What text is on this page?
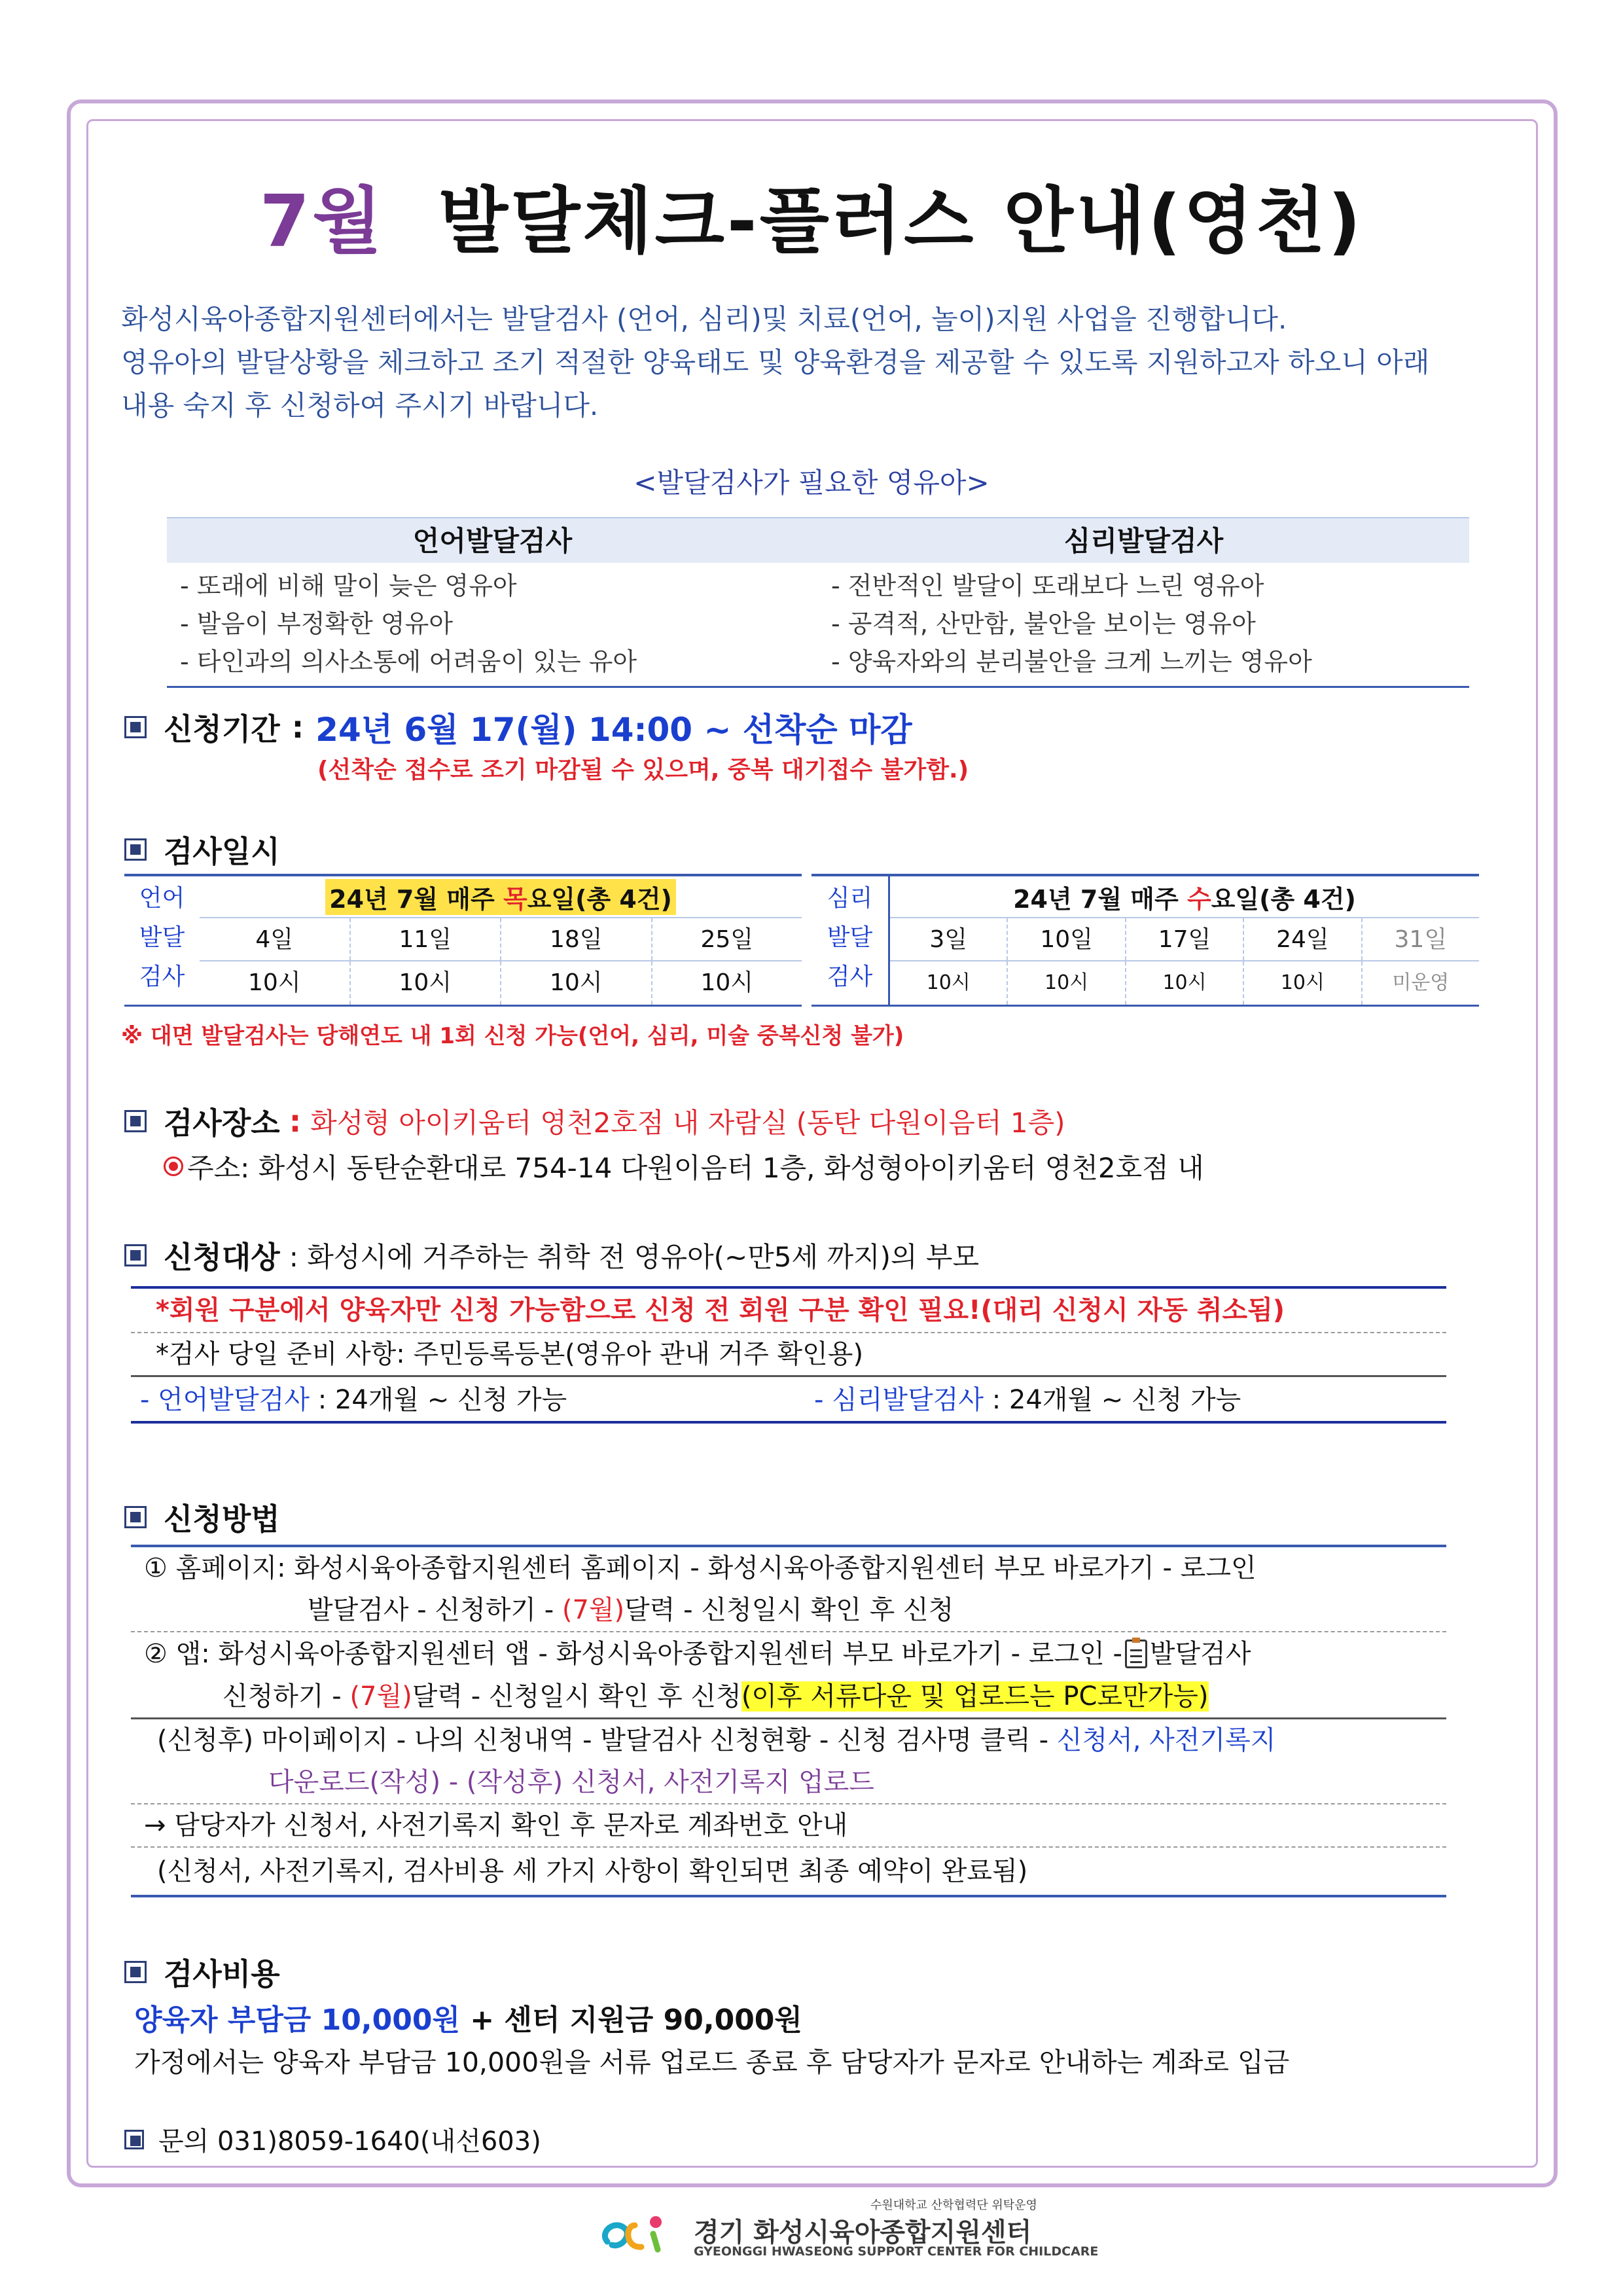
7월 발달체크-플러스 안내(영천)
화성시육아종합지원센터에서는 발달검사 (언어, 심리)및 치료(언어, 놀이)지원 사업을 진행합니다.
영유아의 발달상황을 체크하고 조기 적절한 양육태도 및 양육환경을 제공할 수 있도록 지원하고자 하오니 아래
내용 숙지 후 신청하여 주시기 바랍니다.
<발달검사가 필요한 영유아>
언어발달검사	심리발달검사
- 또래에 비해 말이 늦은 영유아
- 발음이 부정확한 영유아
- 타인과의 의사소통에 어려움이 있는 유아
- 전반적인 발달이 또래보다 느린 영유아
- 공격적, 산만함, 불안을 보이는 영유아
- 양육자와의 분리불안을 크게 느끼는 영유아
신청기간 : 24년 6월 17(월) 14:00 ~ 선착순 마감
(선착순 접수로 조기 마감될 수 있으며, 중복 대기접수 불가함.)
검사일시
언어
발달
검사
24년 7월 매주 목요일(총 4건)
4일	11일	18일	25일
10시	10시	10시	10시
심리
발달
검사
24년 7월 매주 수요일(총 4건)
3일	10일	17일	24일	31일
10시	10시	10시	10시	미운영
※ 대면 발달검사는 당해연도 내 1회 신청 가능(언어, 심리, 미술 중복신청 불가)
검사장소 : 화성형 아이키움터 영천2호점 내 자람실 (동탄 다원이음터 1층)
주소: 화성시 동탄순환대로 754-14 다원이음터 1층, 화성형아이키움터 영천2호점 내
신청대상 : 화성시에 거주하는 취학 전 영유아(~만5세 까지)의 부모
*회원 구분에서 양육자만 신청 가능함으로 신청 전 회원 구분 확인 필요!(대리 신청시 자동 취소됨)
*검사 당일 준비 사항: 주민등록등본(영유아 관내 거주 확인용)
- 언어발달검사 : 24개월 ~ 신청 가능	- 심리발달검사 : 24개월 ~ 신청 가능
신청방법
① 홈페이지: 화성시육아종합지원센터 홈페이지 - 화성시육아종합지원센터 부모 바로가기 - 로그인
발달검사 - 신청하기 - (7월)달력 - 신청일시 확인 후 신청
② 앱: 화성시육아종합지원센터 앱 - 화성시육아종합지원센터 부모 바로가기 - 로그인 - 발달검사
신청하기 - (7월)달력 - 신청일시 확인 후 신청(이후 서류다운 및 업로드는 PC로만가능)
(신청후) 마이페이지 - 나의 신청내역 - 발달검사 신청현황 - 신청 검사명 클릭 - 신청서, 사전기록지
다운로드(작성) - (작성후) 신청서, 사전기록지 업로드
→ 담당자가 신청서, 사전기록지 확인 후 문자로 계좌번호 안내
(신청서, 사전기록지, 검사비용 세 가지 사항이 확인되면 최종 예약이 완료됨)
검사비용
양육자 부담금 10,000원 + 센터 지원금 90,000원
가정에서는 양육자 부담금 10,000원을 서류 업로드 종료 후 담당자가 문자로 안내하는 계좌로 입금
문의 031)8059-1640(내선603)
수원대학교 산학협력단 위탁운영
경기 화성시육아종합지원센터
GYEONGGI HWASEONG SUPPORT CENTER FOR CHILDCARE
